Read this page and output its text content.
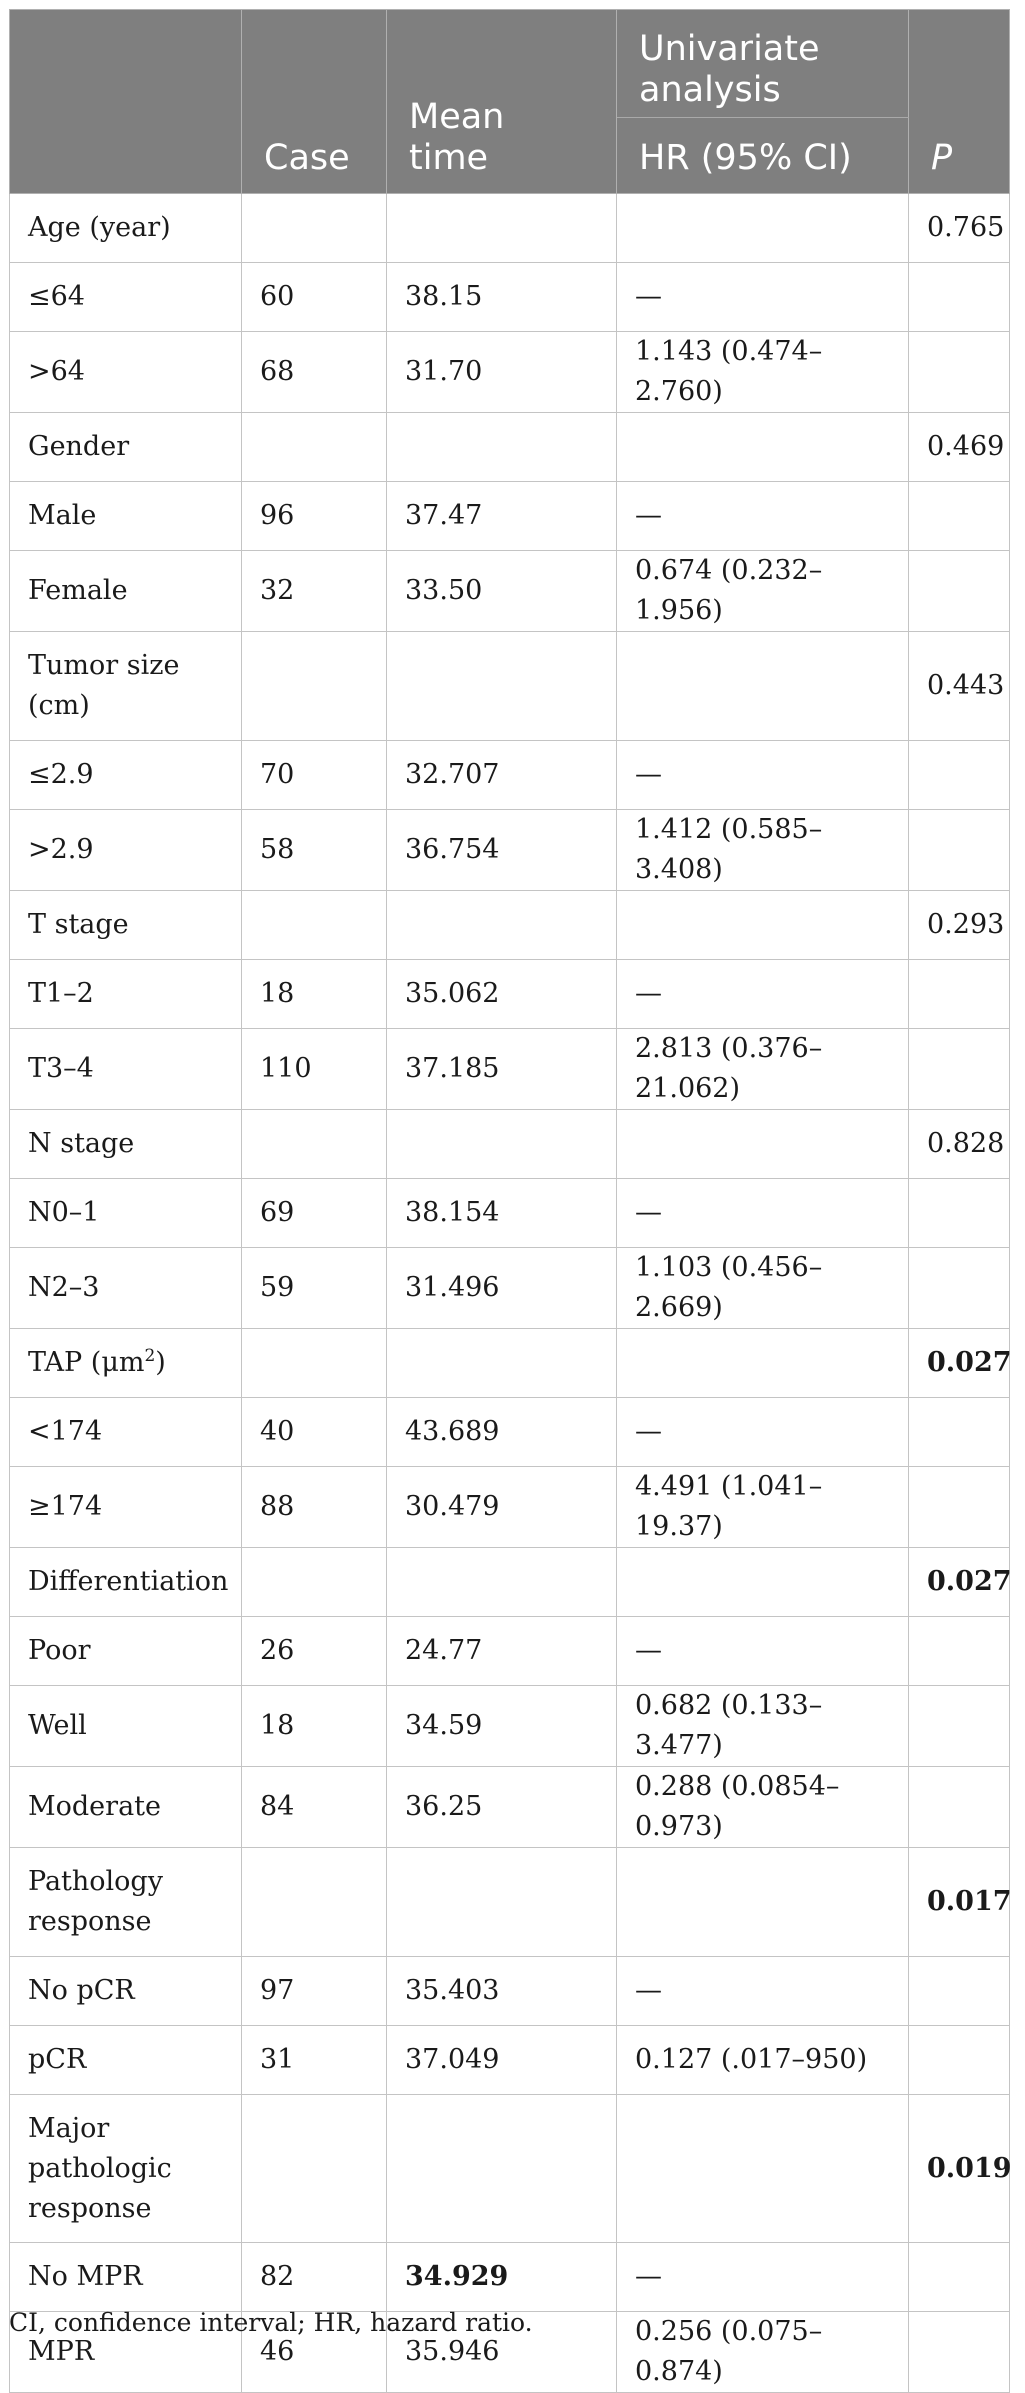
	Case	Mean time	Univariate analysis	P
			HR (95% CI)	
Age (year)				0.765
≤64	60	38.15	—	
>64	68	31.70	1.143 (0.474–2.760)	
Gender				0.469
Male	96	37.47	—	
Female	32	33.50	0.674 (0.232–1.956)	
Tumor size (cm)				0.443
≤2.9	70	32.707	—	
>2.9	58	36.754	1.412 (0.585–3.408)	
T stage				0.293
T1–2	18	35.062	—	
T3–4	110	37.185	2.813 (0.376–21.062)	
N stage				0.828
N0–1	69	38.154	—	
N2–3	59	31.496	1.103 (0.456–2.669)	
TAP $(\mu m^2)$				0.027
<174	40	43.689	—	
≥174	88	30.479	4.491 (1.041–19.37)	
Differentiation				0.027
Poor	26	24.77	—	
Well	18	34.59	0.682 (0.133–3.477)	
Moderate	84	36.25	0.288 (0.0854–0.973)	
Pathology response				0.017
No pCR	97	35.403	—	
pCR	31	37.049	0.127 (.017–950)	
Major pathologic response				0.019
No MPR	82	34.929	—	
MPR	46	35.946	0.256 (0.075–0.874)	

CI, confidence interval; HR, hazard ratio.
